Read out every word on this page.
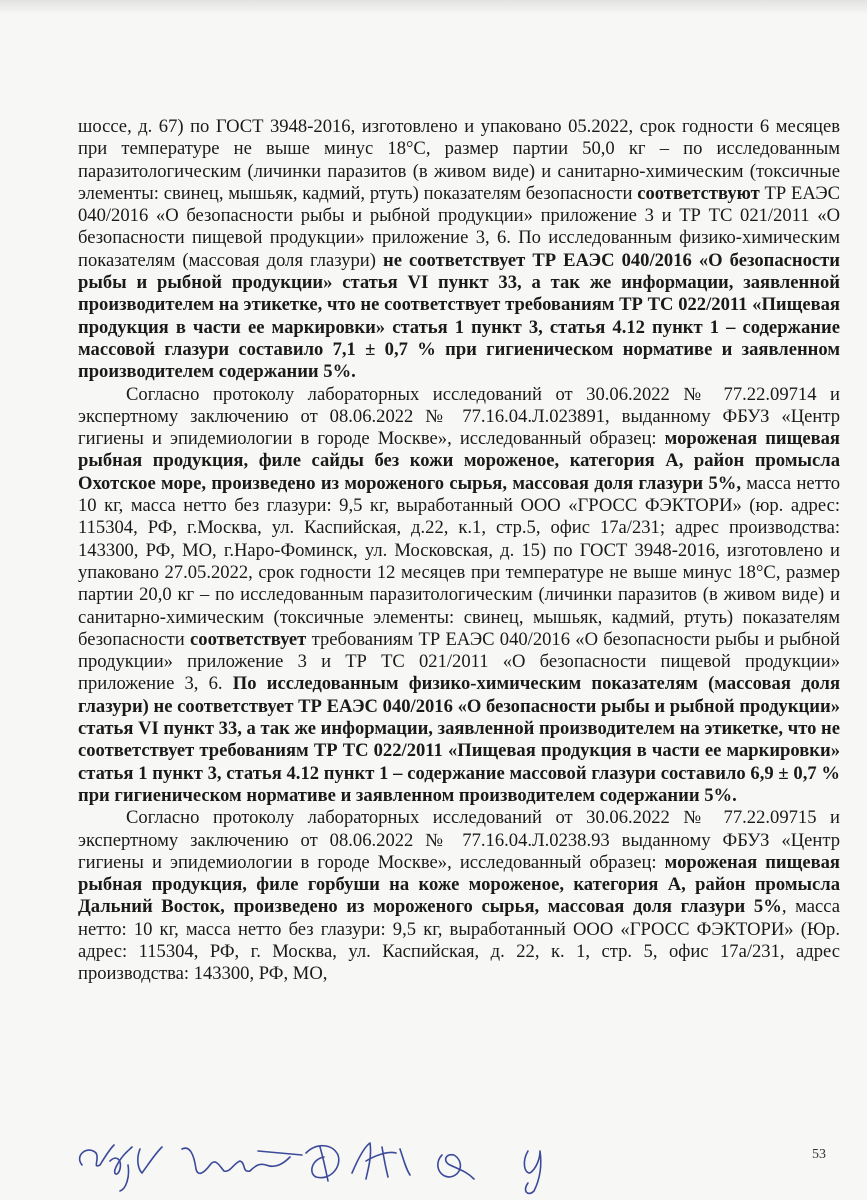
шоссе, д. 67) по ГОСТ 3948-2016, изготовлено и упаковано 05.2022, срок годности 6 месяцев при температуре не выше минус 18°С, размер партии 50,0 кг – по исследованным паразитологическим (личинки паразитов (в живом виде) и санитарно-химическим (токсичные элементы: свинец, мышьяк, кадмий, ртуть) показателям безопасности соответствуют ТР ЕАЭС 040/2016 «О безопасности рыбы и рыбной продукции» приложение 3 и ТР ТС 021/2011 «О безопасности пищевой продукции» приложение 3, 6. По исследованным физико-химическим показателям (массовая доля глазури) не соответствует ТР ЕАЭС 040/2016 «О безопасности рыбы и рыбной продукции» статья VI пункт 33, а так же информации, заявленной производителем на этикетке, что не соответствует требованиям ТР ТС 022/2011 «Пищевая продукция в части ее маркировки» статья 1 пункт 3, статья 4.12 пункт 1 – содержание массовой глазури составило 7,1 ± 0,7 % при гигиеническом нормативе и заявленном производителем содержании 5%.

Согласно протоколу лабораторных исследований от 30.06.2022 № 77.22.09714 и экспертному заключению от 08.06.2022 № 77.16.04.Л.023891, выданному ФБУЗ «Центр гигиены и эпидемиологии в городе Москве», исследованный образец: мороженая пищевая рыбная продукция, филе сайды без кожи мороженое, категория А, район промысла Охотское море, произведено из мороженого сырья, массовая доля глазури 5%, масса нетто 10 кг, масса нетто без глазури: 9,5 кг, выработанный ООО «ГРОСС ФЭКТОРИ» (юр. адрес: 115304, РФ, г.Москва, ул. Каспийская, д.22, к.1, стр.5, офис 17а/231; адрес производства: 143300, РФ, МО, г.Наро-Фоминск, ул. Московская, д. 15) по ГОСТ 3948-2016, изготовлено и упаковано 27.05.2022, срок годности 12 месяцев при температуре не выше минус 18°С, размер партии 20,0 кг – по исследованным паразитологическим (личинки паразитов (в живом виде) и санитарно-химическим (токсичные элементы: свинец, мышьяк, кадмий, ртуть) показателям безопасности соответствует требованиям ТР ЕАЭС 040/2016 «О безопасности рыбы и рыбной продукции» приложение 3 и ТР ТС 021/2011 «О безопасности пищевой продукции» приложение 3, 6. По исследованным физико-химическим показателям (массовая доля глазури) не соответствует ТР ЕАЭС 040/2016 «О безопасности рыбы и рыбной продукции» статья VI пункт 33, а так же информации, заявленной производителем на этикетке, что не соответствует требованиям ТР ТС 022/2011 «Пищевая продукция в части ее маркировки» статья 1 пункт 3, статья 4.12 пункт 1 – содержание массовой глазури составило 6,9 ± 0,7 % при гигиеническом нормативе и заявленном производителем содержании 5%.

Согласно протоколу лабораторных исследований от 30.06.2022 № 77.22.09715 и экспертному заключению от 08.06.2022 № 77.16.04.Л.0238.93 выданному ФБУЗ «Центр гигиены и эпидемиологии в городе Москве», исследованный образец: мороженая пищевая рыбная продукция, филе горбуши на коже мороженое, категория А, район промысла Дальний Восток, произведено из мороженого сырья, массовая доля глазури 5%, масса нетто: 10 кг, масса нетто без глазури: 9,5 кг, выработанный ООО «ГРОСС ФЭКТОРИ» (Юр. адрес: 115304, РФ, г. Москва, ул. Каспийская, д. 22, к. 1, стр. 5, офис 17а/231, адрес производства: 143300, РФ, МО,

53
